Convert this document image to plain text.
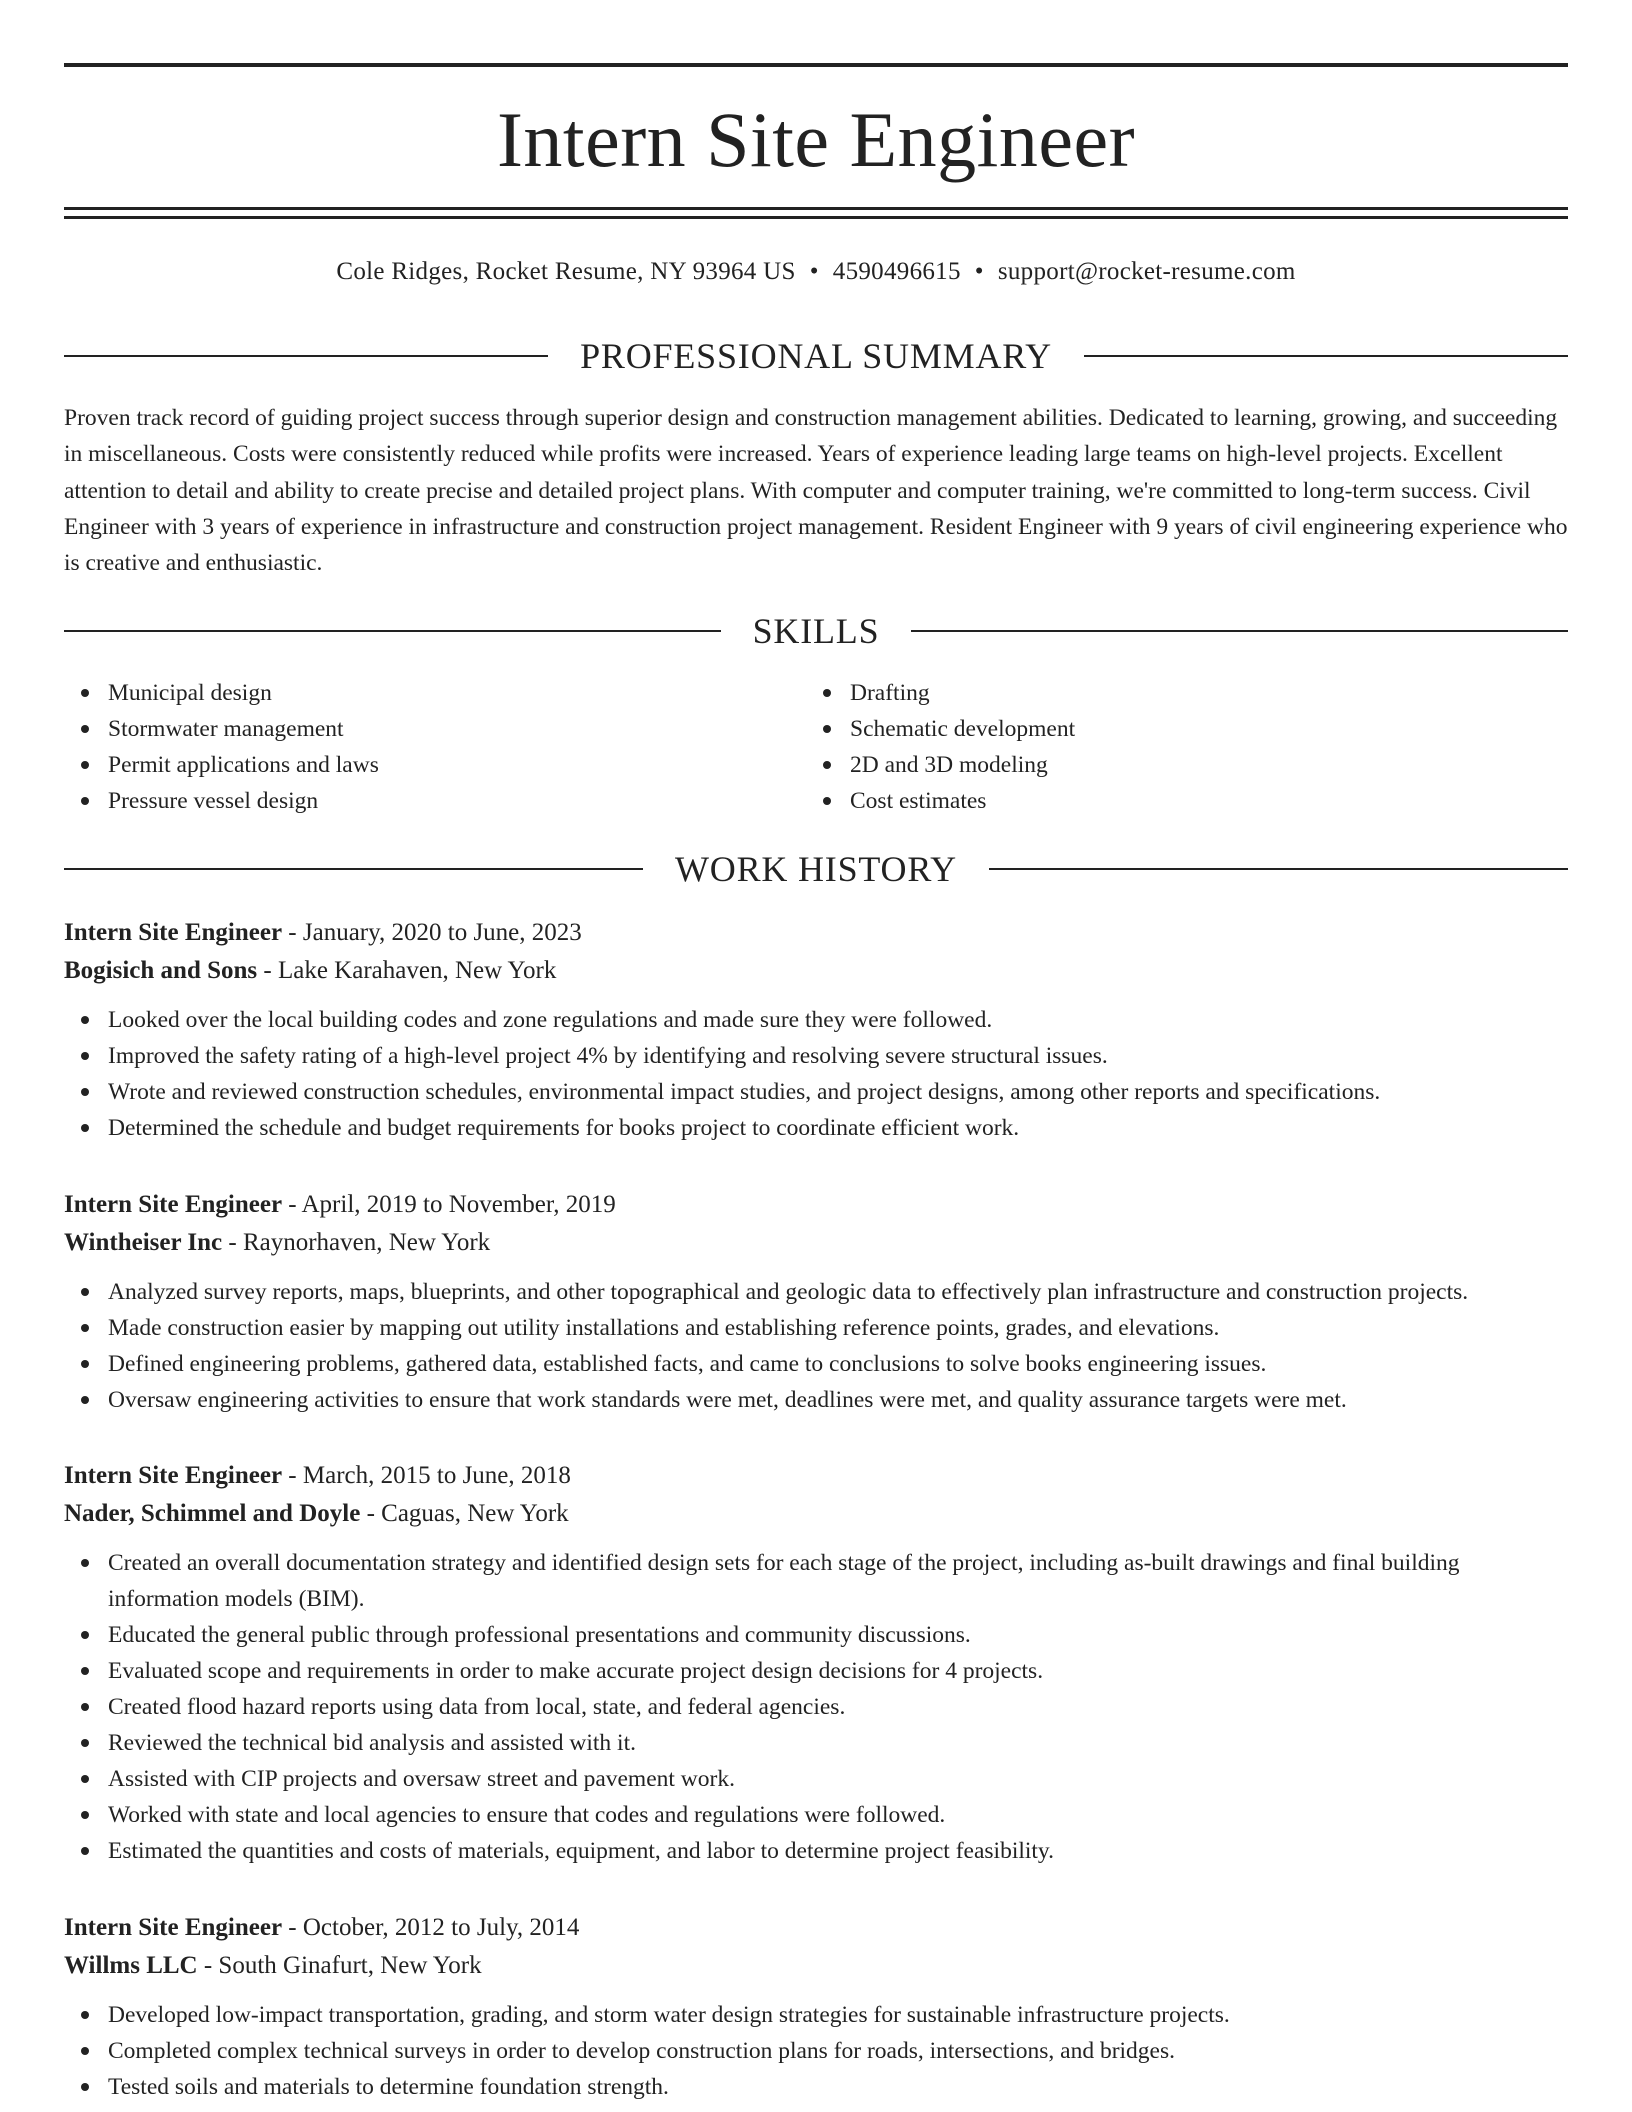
Intern Site Engineer
Cole Ridges, Rocket Resume, NY 93964 US • 4590496615 • support@rocket-resume.com
PROFESSIONAL SUMMARY

Proven track record of guiding project success through superior design and construction management abilities. Dedicated to learning, growing, and succeeding in miscellaneous. Costs were consistently reduced while profits were increased. Years of experience leading large teams on high-level projects. Excellent attention to detail and ability to create precise and detailed project plans. With computer and computer training, we're committed to long-term success. Civil Engineer with 3 years of experience in infrastructure and construction project management. Resident Engineer with 9 years of civil engineering experience who is creative and enthusiastic.

SKILLS
Municipal design
Stormwater management
Permit applications and laws
Pressure vessel design
Drafting
Schematic development
2D and 3D modeling
Cost estimates
WORK HISTORY

Intern Site Engineer - January, 2020 to June, 2023

Bogisich and Sons - Lake Karahaven, New York

Looked over the local building codes and zone regulations and made sure they were followed.
Improved the safety rating of a high-level project 4% by identifying and resolving severe structural issues.
Wrote and reviewed construction schedules, environmental impact studies, and project designs, among other reports and specifications.
Determined the schedule and budget requirements for books project to coordinate efficient work.

Intern Site Engineer - April, 2019 to November, 2019

Wintheiser Inc - Raynorhaven, New York

Analyzed survey reports, maps, blueprints, and other topographical and geologic data to effectively plan infrastructure and construction projects.
Made construction easier by mapping out utility installations and establishing reference points, grades, and elevations.
Defined engineering problems, gathered data, established facts, and came to conclusions to solve books engineering issues.
Oversaw engineering activities to ensure that work standards were met, deadlines were met, and quality assurance targets were met.

Intern Site Engineer - March, 2015 to June, 2018

Nader, Schimmel and Doyle - Caguas, New York

Created an overall documentation strategy and identified design sets for each stage of the project, including as-built drawings and final building information models (BIM).
Educated the general public through professional presentations and community discussions.
Evaluated scope and requirements in order to make accurate project design decisions for 4 projects.
Created flood hazard reports using data from local, state, and federal agencies.
Reviewed the technical bid analysis and assisted with it.
Assisted with CIP projects and oversaw street and pavement work.
Worked with state and local agencies to ensure that codes and regulations were followed.
Estimated the quantities and costs of materials, equipment, and labor to determine project feasibility.

Intern Site Engineer - October, 2012 to July, 2014

Willms LLC - South Ginafurt, New York

Developed low-impact transportation, grading, and storm water design strategies for sustainable infrastructure projects.
Completed complex technical surveys in order to develop construction plans for roads, intersections, and bridges.
Tested soils and materials to determine foundation strength.
